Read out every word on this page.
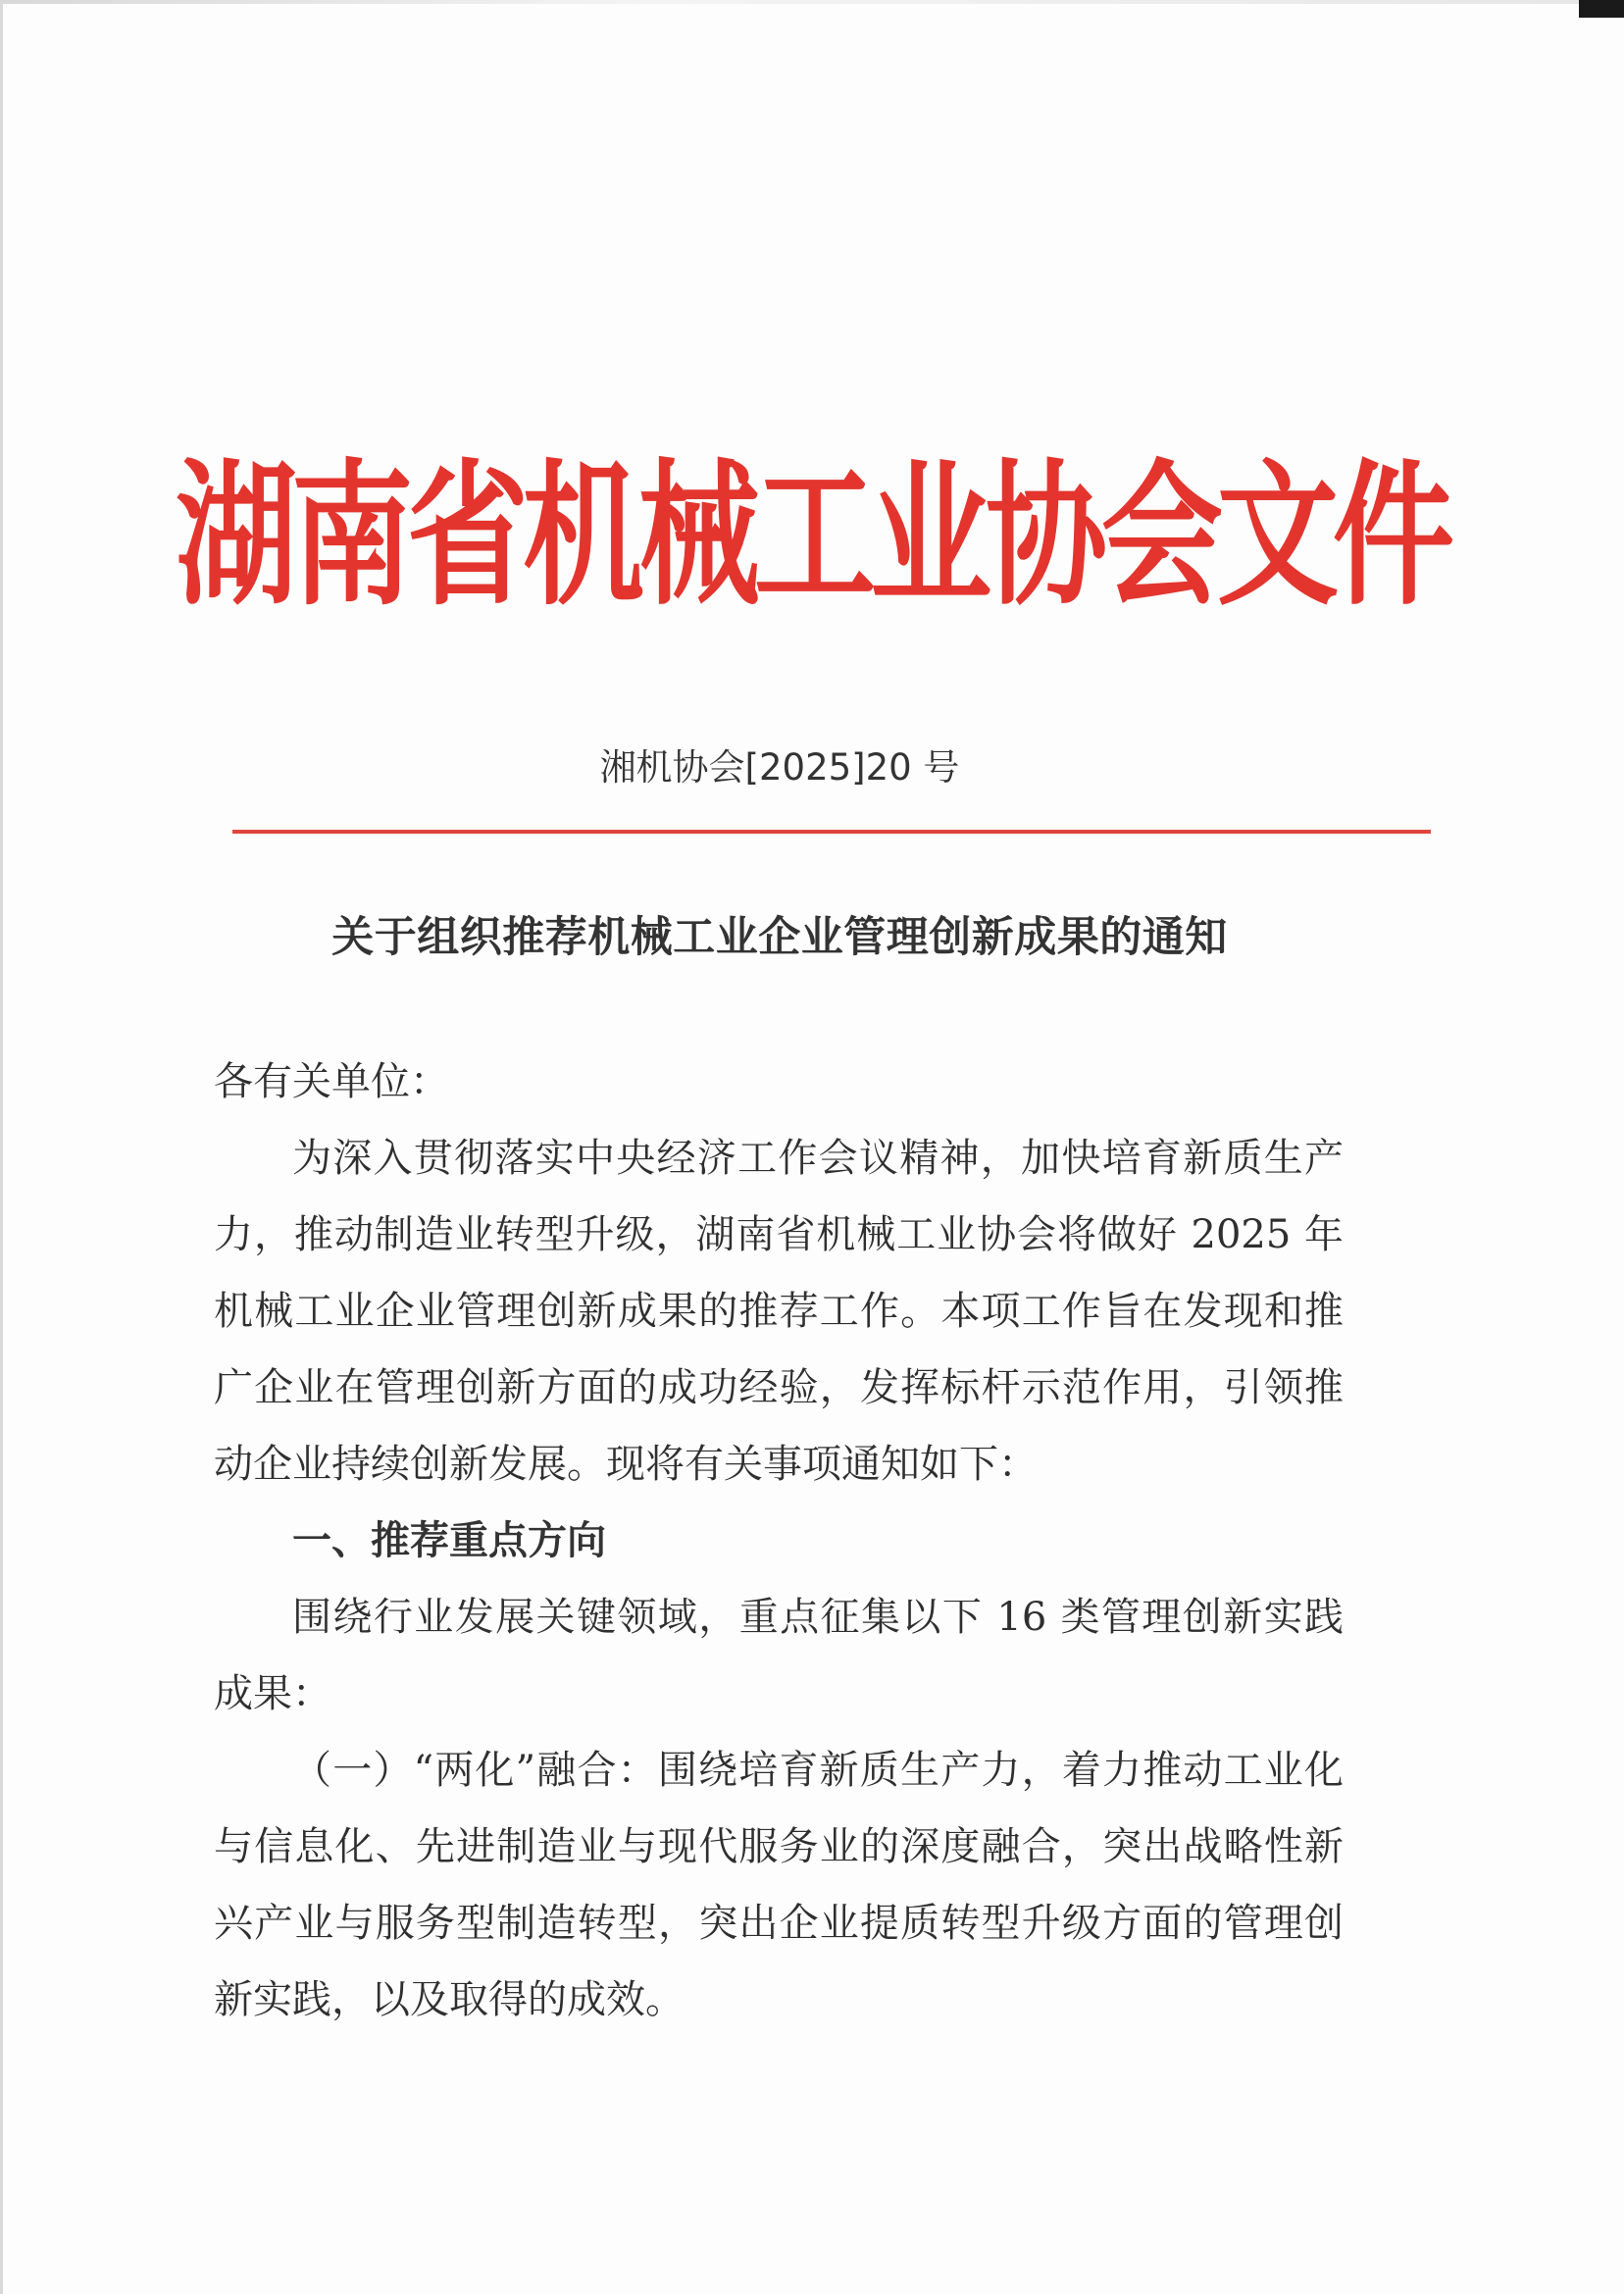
湖南省机械工业协会文件
湘机协会[2025]20 号
关于组织推荐机械工业企业管理创新成果的通知
各有关单位：
为深入贯彻落实中央经济工作会议精神，加快培育新质生产力，推动制造业转型升级，湖南省机械工业协会将做好 2025 年机械工业企业管理创新成果的推荐工作。本项工作旨在发现和推广企业在管理创新方面的成功经验，发挥标杆示范作用，引领推动企业持续创新发展。现将有关事项通知如下：
一、推荐重点方向
围绕行业发展关键领域，重点征集以下 16 类管理创新实践成果：
（一）“两化”融合：围绕培育新质生产力，着力推动工业化与信息化、先进制造业与现代服务业的深度融合，突出战略性新兴产业与服务型制造转型，突出企业提质转型升级方面的管理创新实践，以及取得的成效。
